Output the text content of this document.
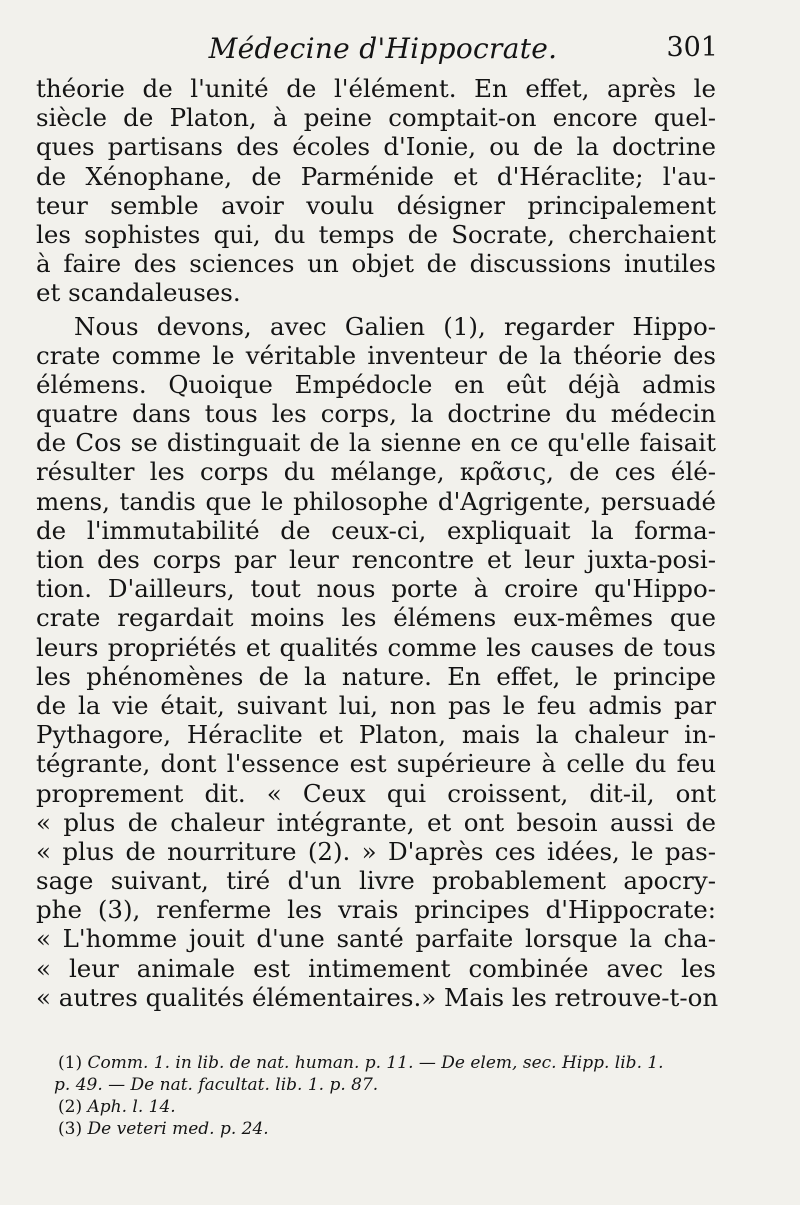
Médecine d'Hippocrate.	301
théorie de l'unité de l'élément. En effet, après le
siècle de Platon, à peine comptait-on encore quel-
ques partisans des écoles d'Ionie, ou de la doctrine
de Xénophane, de Parménide et d'Héraclite; l'au-
teur semble avoir voulu désigner principalement
les sophistes qui, du temps de Socrate, cherchaient
à faire des sciences un objet de discussions inutiles
et scandaleuses.
Nous devons, avec Galien (1), regarder Hippo-
crate comme le véritable inventeur de la théorie des
élémens. Quoique Empédocle en eût déjà admis
quatre dans tous les corps, la doctrine du médecin
de Cos se distinguait de la sienne en ce qu'elle faisait
résulter les corps du mélange, κρᾶσις, de ces élé-
mens, tandis que le philosophe d'Agrigente, persuadé
de l'immutabilité de ceux-ci, expliquait la forma-
tion des corps par leur rencontre et leur juxta-posi-
tion. D'ailleurs, tout nous porte à croire qu'Hippo-
crate regardait moins les élémens eux-mêmes que
leurs propriétés et qualités comme les causes de tous
les phénomènes de la nature. En effet, le principe
de la vie était, suivant lui, non pas le feu admis par
Pythagore, Héraclite et Platon, mais la chaleur in-
tégrante, dont l'essence est supérieure à celle du feu
proprement dit. « Ceux qui croissent, dit-il, ont
« plus de chaleur intégrante, et ont besoin aussi de
« plus de nourriture (2). » D'après ces idées, le pas-
sage suivant, tiré d'un livre probablement apocry-
phe (3), renferme les vrais principes d'Hippocrate:
« L'homme jouit d'une santé parfaite lorsque la cha-
« leur animale est intimement combinée avec les
« autres qualités élémentaires.» Mais les retrouve-t-on
(1) Comm. 1. in lib. de nat. human. p. 11. — De elem, sec. Hipp. lib. 1.
p. 49. — De nat. facultat. lib. 1. p. 87.
(2) Aph. l. 14.
(3) De veteri med. p. 24.
